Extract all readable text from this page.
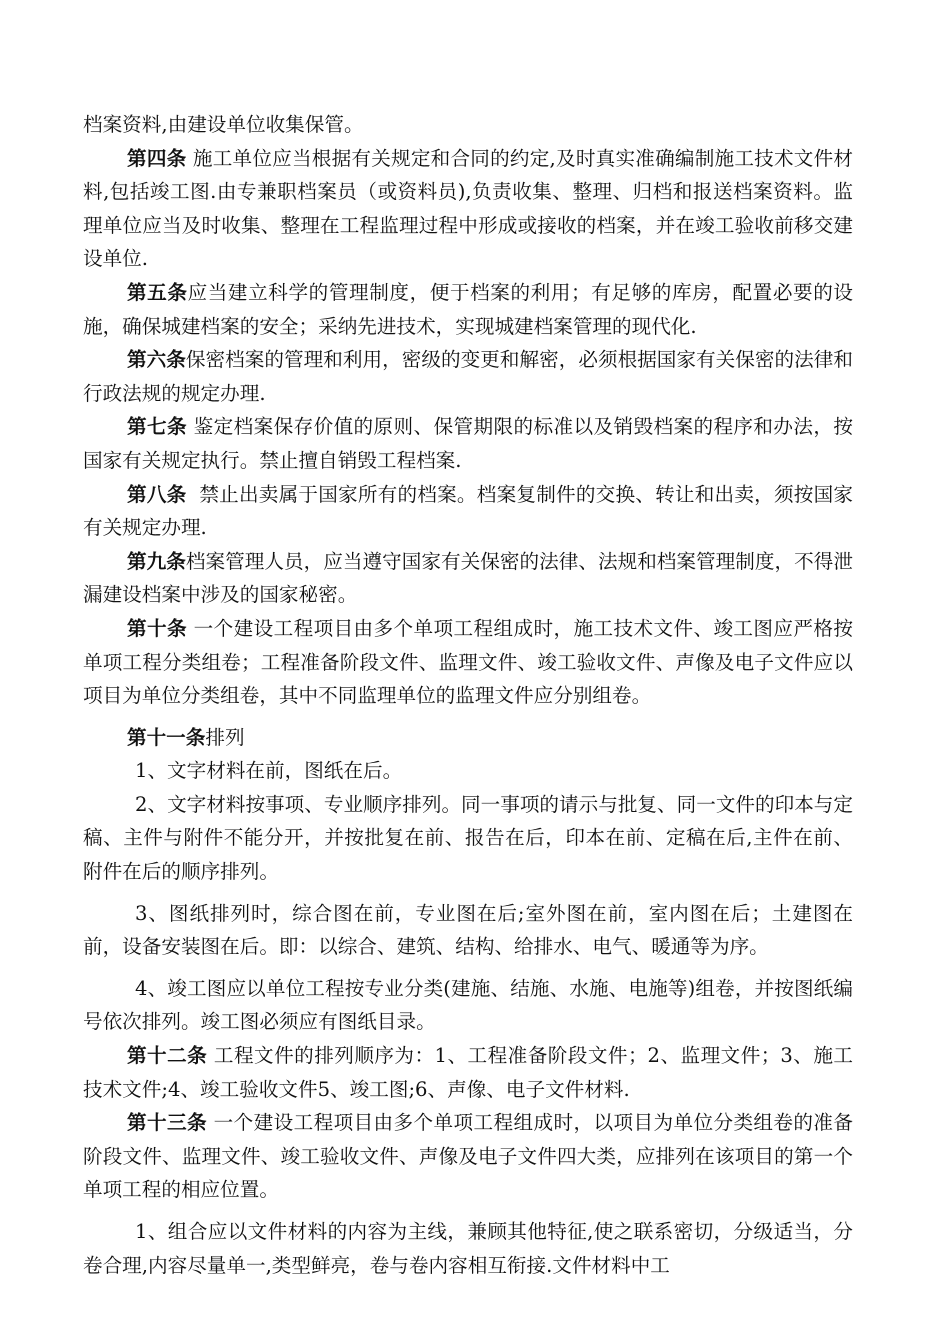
档案资料,由建设单位收集保管。

第四条 施工单位应当根据有关规定和合同的约定,及时真实准确编制施工技术文件材料,包括竣工图.由专兼职档案员（或资料员),负责收集、整理、归档和报送档案资料。监理单位应当及时收集、整理在工程监理过程中形成或接收的档案，并在竣工验收前移交建设单位.

第五条应当建立科学的管理制度，便于档案的利用；有足够的库房，配置必要的设施，确保城建档案的安全；采纳先进技术，实现城建档案管理的现代化.

第六条保密档案的管理和利用，密级的变更和解密，必须根据国家有关保密的法律和行政法规的规定办理.

第七条 鉴定档案保存价值的原则、保管期限的标准以及销毁档案的程序和办法，按国家有关规定执行。禁止擅自销毁工程档案.

第八条  禁止出卖属于国家所有的档案。档案复制件的交换、转让和出卖，须按国家有关规定办理.

第九条档案管理人员，应当遵守国家有关保密的法律、法规和档案管理制度，不得泄漏建设档案中涉及的国家秘密。

第十条 一个建设工程项目由多个单项工程组成时，施工技术文件、竣工图应严格按单项工程分类组卷；工程准备阶段文件、监理文件、竣工验收文件、声像及电子文件应以项目为单位分类组卷，其中不同监理单位的监理文件应分别组卷。

第十一条排列

1、文字材料在前，图纸在后。

2、文字材料按事项、专业顺序排列。同一事项的请示与批复、同一文件的印本与定稿、主件与附件不能分开，并按批复在前、报告在后，印本在前、定稿在后,主件在前、附件在后的顺序排列。

3、图纸排列时，综合图在前，专业图在后;室外图在前，室内图在后；土建图在前，设备安装图在后。即：以综合、建筑、结构、给排水、电气、暖通等为序。

4、竣工图应以单位工程按专业分类(建施、结施、水施、电施等)组卷，并按图纸编号依次排列。竣工图必须应有图纸目录。

第十二条 工程文件的排列顺序为：1、工程准备阶段文件；2、监理文件；3、施工技术文件;4、竣工验收文件5、竣工图;6、声像、电子文件材料.

第十三条 一个建设工程项目由多个单项工程组成时，以项目为单位分类组卷的准备阶段文件、监理文件、竣工验收文件、声像及电子文件四大类，应排列在该项目的第一个单项工程的相应位置。

1、组合应以文件材料的内容为主线，兼顾其他特征,使之联系密切，分级适当，分卷合理,内容尽量单一,类型鲜亮，卷与卷内容相互衔接.文件材料中工
